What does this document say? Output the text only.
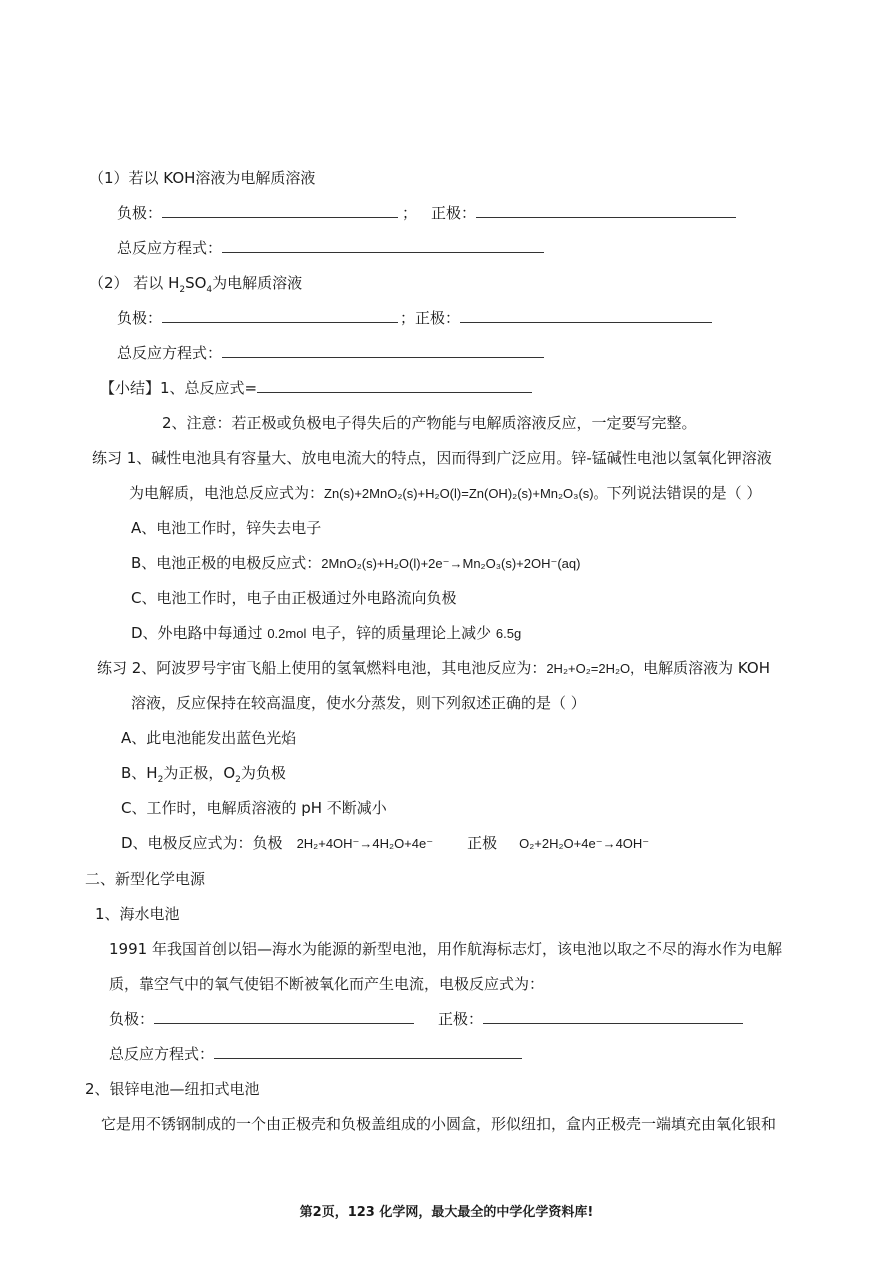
（1）若以 KOH溶液为电解质溶液
负极：	； 正极：
总反应方程式：
（2） 若以 $H_2SO_4$为电解质溶液
负极：	；正极：
总反应方程式：
【小结】1、总反应式=
2、注意：若正极或负极电子得失后的产物能与电解质溶液反应，一定要写完整。
练习 1、碱性电池具有容量大、放电电流大的特点，因而得到广泛应用。锌-锰碱性电池以氢氧化钾溶液
为电解质，电池总反应式为：Zn(s)+2MnO₂(s)+H₂O(l)=Zn(OH)₂(s)+Mn₂O₃(s)。下列说法错误的是（ ）
A、电池工作时，锌失去电子
B、电池正极的电极反应式：2MnO₂(s)+H₂O(l)+2e⁻→Mn₂O₃(s)+2OH⁻(aq)
C、电池工作时，电子由正极通过外电路流向负极
D、外电路中每通过 0.2mol 电子，锌的质量理论上减少 6.5g
练习 2、阿波罗号宇宙飞船上使用的氢氧燃料电池，其电池反应为：2H₂+O₂=2H₂O，电解质溶液为 KOH
溶液，反应保持在较高温度，使水分蒸发，则下列叙述正确的是（ ）
A、此电池能发出蓝色光焰
B、$H_2$为正极，$O_2$为负极
C、工作时，电解质溶液的 pH 不断减小
D、电极反应式为：负极 2H₂+4OH⁻→4H₂O+4e⁻ 正极 O₂+2H₂O+4e⁻→4OH⁻
二、新型化学电源
1、海水电池
1991 年我国首创以铝—海水为能源的新型电池，用作航海标志灯，该电池以取之不尽的海水作为电解
质，靠空气中的氧气使铝不断被氧化而产生电流，电极反应式为：
负极：	正极：
总反应方程式：
2、银锌电池—纽扣式电池
它是用不锈钢制成的一个由正极壳和负极盖组成的小圆盒，形似纽扣，盒内正极壳一端填充由氧化银和
第2页，123 化学网，最大最全的中学化学资料库!
